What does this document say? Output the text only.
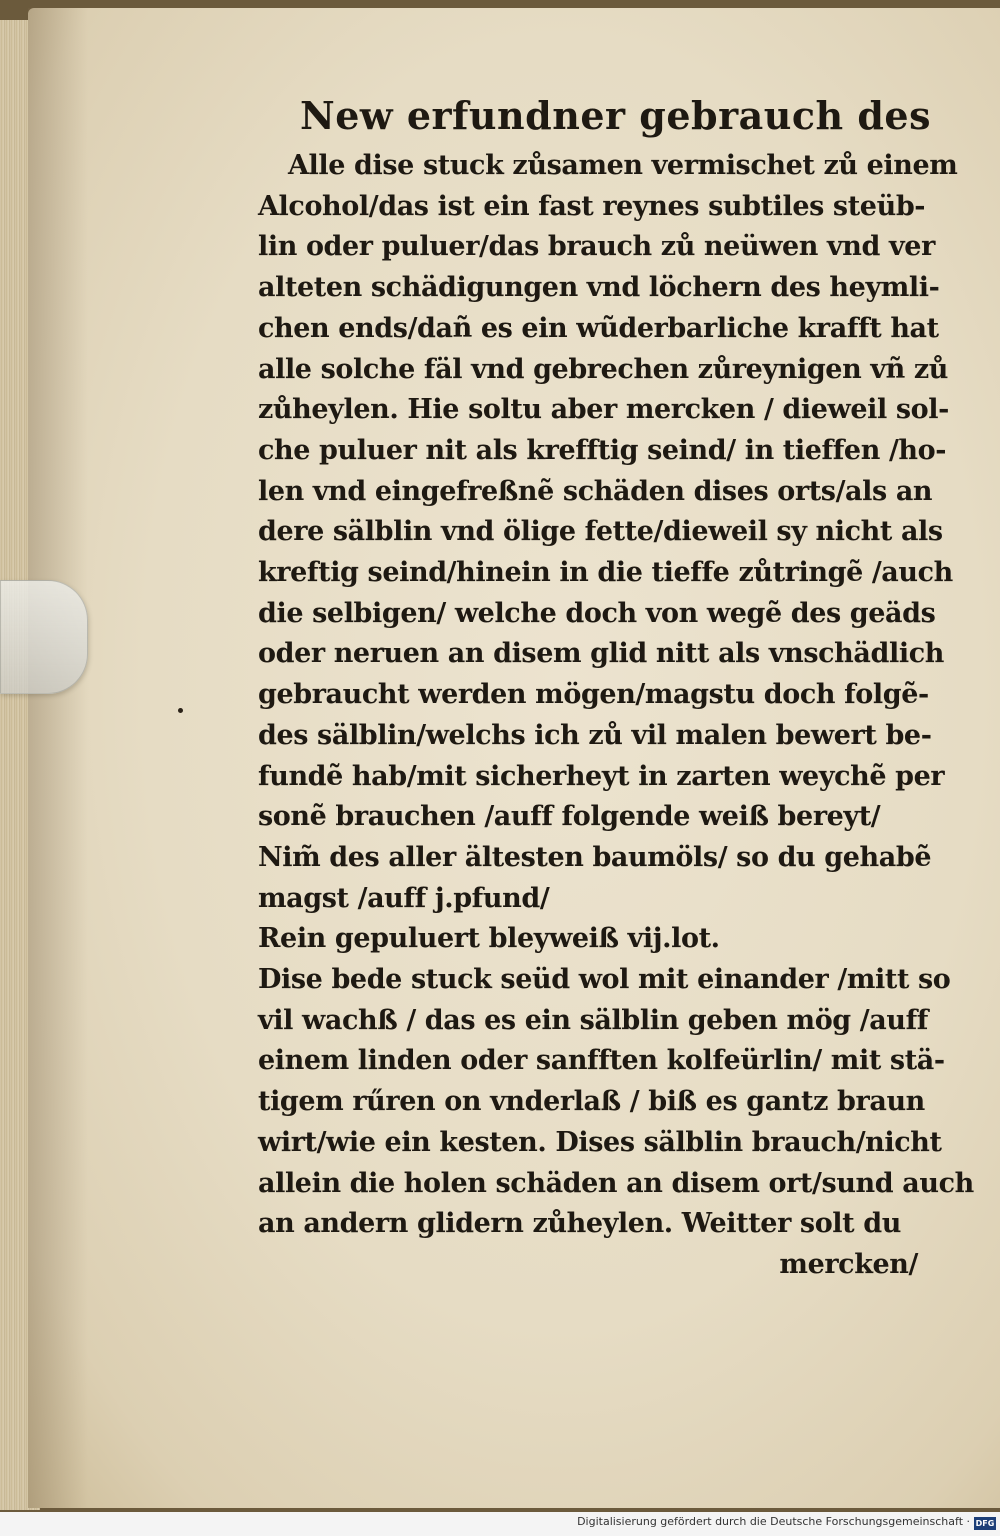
New erfundner gebrauch des
Alle dise stuck zůsamen vermischet zů einem
Alcohol/das ist ein fast reynes subtiles steüb-
lin oder puluer/das brauch zů neüwen vnd ver
alteten schädigungen vnd löchern des heymli-
chen ends/dañ es ein wũderbarliche krafft hat
alle solche fäl vnd gebrechen zůreynigen vñ zů
zůheylen. Hie soltu aber mercken / dieweil sol-
che puluer nit als krefftig seind/ in tieffen /ho-
len vnd eingefreßnẽ schäden dises orts/als an
dere sälblin vnd ölige fette/dieweil sy nicht als
kreftig seind/hinein in die tieffe zůtringẽ /auch
die selbigen/ welche doch von wegẽ des geäds
oder neruen an disem glid nitt als vnschädlich
gebraucht werden mögen/magstu doch folgẽ-
des sälblin/welchs ich zů vil malen bewert be-
fundẽ hab/mit sicherheyt in zarten weychẽ per
sonẽ brauchen /auff folgende weiß bereyt/
Nim̃ des aller ältesten baumöls/ so du gehabẽ
magst /auff j.pfund/
Rein gepuluert bleyweiß vij.lot.
Dise bede stuck seüd wol mit einander /mitt so
vil wachß / das es ein sälblin geben mög /auff
einem linden oder sanfften kolfeürlin/ mit stä-
tigem rűren on vnderlaß / biß es gantz braun
wirt/wie ein kesten. Dises sälblin brauch/nicht
allein die holen schäden an disem ort/sund auch
an andern glidern zůheylen. Weitter solt du
mercken/
Digitalisierung gefördert durch die Deutsche Forschungsgemeinschaft · DFG
